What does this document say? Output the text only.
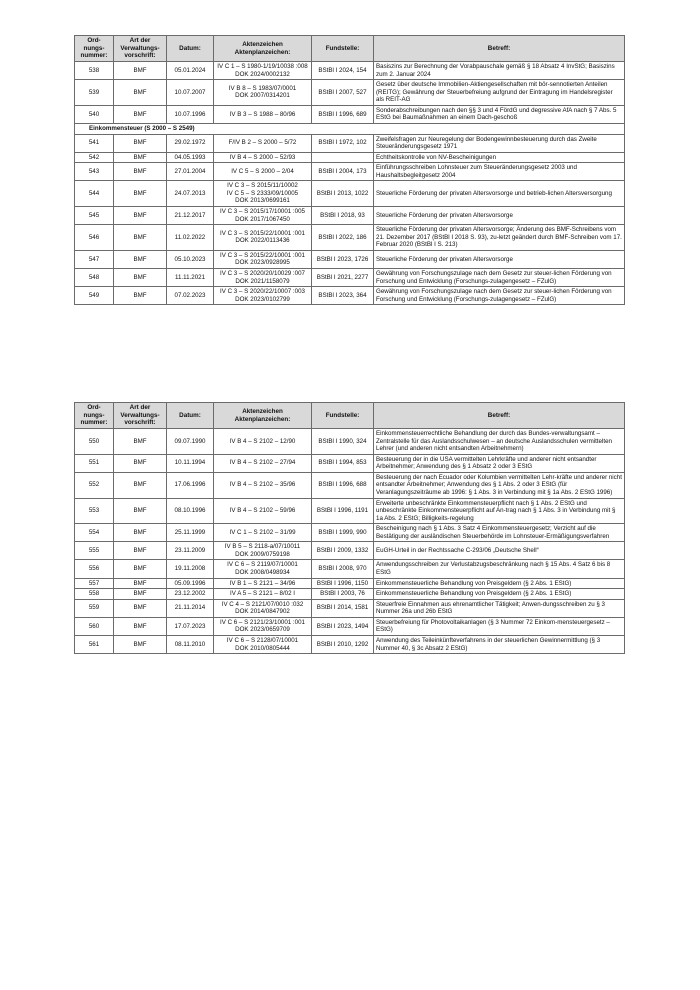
Ord-nungs-nummer:	Art der Verwaltungs-vorschrift:	Datum:	Aktenzeichen Aktenplanzeichen:	Fundstelle:	Betreff:
538	BMF	05.01.2024	IV C 1 – S 1980-1/19/10038 :008
DOK 2024/0002132	BStBl I 2024, 154	Basiszins zur Berechnung der Vorabpauschale gemäß § 18 Absatz 4 InvStG; Basiszins zum 2. Januar 2024
539	BMF	10.07.2007	IV B 8 – S 1983/07/0001
DOK 2007/0314201	BStBl I 2007, 527	Gesetz über deutsche Immobilien-Aktiengesellschaften mit bör-sennotierten Anteilen (REITG); Gewährung der Steuerbefreiung aufgrund der Eintragung im Handelsregister als REIT-AG
540	BMF	10.07.1996	IV B 3 – S 1988 – 80/96	BStBl I 1996, 689	Sonderabschreibungen nach den §§ 3 und 4 FördG und degressive AfA nach § 7 Abs. 5 EStG bei Baumaßnahmen an einem Dach-geschoß
Einkommensteuer (S 2000 – S 2549)					
541	BMF	29.02.1972	F/IV B 2 – S 2000 – 5/72	BStBl I 1972, 102	Zweifelsfragen zur Neuregelung der Bodengewinnbesteuerung durch das Zweite Steueränderungsgesetz 1971
542	BMF	04.05.1993	IV B 4 – S 2000 – 52/93		Echtheitskontrolle von NV-Bescheinigungen
543	BMF	27.01.2004	IV C 5 – S 2000 – 2/04	BStBl I 2004, 173	Einführungsschreiben Lohnsteuer zum Steueränderungsgesetz 2003 und Haushaltsbegleitgesetz 2004
544	BMF	24.07.2013	IV C 3 – S 2015/11/10002
IV C 5 – S 2333/09/10005
DOK 2013/0699161	BStBl I 2013, 1022	Steuerliche Förderung der privaten Altersvorsorge und betrieb-lichen Altersversorgung
545	BMF	21.12.2017	IV C 3 – S 2015/17/10001 :005
DOK 2017/1067450	BStBl I 2018, 93	Steuerliche Förderung der privaten Altersvorsorge
546	BMF	11.02.2022	IV C 3 – S 2015/22/10001 :001
DOK 2022/0113436	BStBl I 2022, 186	Steuerliche Förderung der privaten Altersvorsorge; Änderung des BMF-Schreibens vom 21. Dezember 2017 (BStBl I 2018 S. 93), zu-letzt geändert durch BMF-Schreiben vom 17. Februar 2020 (BStBl I S. 213)
547	BMF	05.10.2023	IV C 3 – S 2015/22/10001 :001
DOK 2023/0928995	BStBl I 2023, 1726	Steuerliche Förderung der privaten Altersvorsorge
548	BMF	11.11.2021	IV C 3 – S 2020/20/10029 :007
DOK 2021/1158079	BStBl I 2021, 2277	Gewährung von Forschungszulage nach dem Gesetz zur steuer-lichen Förderung von Forschung und Entwicklung (Forschungs-zulagengesetz – FZulG)
549	BMF	07.02.2023	IV C 3 – S 2020/22/10007 :003
DOK 2023/0102799	BStBl I 2023, 364	Gewährung von Forschungszulage nach dem Gesetz zur steuer-lichen Förderung von Forschung und Entwicklung (Forschungs-zulagengesetz – FZulG)
Ord-nungs-nummer:	Art der Verwaltungs-vorschrift:	Datum:	Aktenzeichen Aktenplanzeichen:	Fundstelle:	Betreff:
550	BMF	09.07.1990	IV B 4 – S 2102 – 12/90	BStBl I 1990, 324	Einkommensteuerrechtliche Behandlung der durch das Bundes-verwaltungsamt – Zentralstelle für das Auslandsschulwesen – an deutsche Auslandsschulen vermittelten Lehrer (und anderen nicht entsandten Arbeitnehmern)
551	BMF	10.11.1994	IV B 4 – S 2102 – 27/94	BStBl I 1994, 853	Besteuerung der in die USA vermittelten Lehrkräfte und anderer nicht entsandter Arbeitnehmer; Anwendung des § 1 Absatz 2 oder 3 EStG
552	BMF	17.06.1996	IV B 4 – S 2102 – 35/96	BStBl I 1996, 688	Besteuerung der nach Ecuador oder Kolumbien vermittelten Lehr-kräfte und anderer nicht entsandter Arbeitnehmer; Anwendung des § 1 Abs. 2 oder 3 EStG (für Veranlagungszeiträume ab 1996: § 1 Abs. 3 in Verbindung mit § 1a Abs. 2 EStG 1996)
553	BMF	08.10.1996	IV B 4 – S 2102 – 59/96	BStBl I 1996, 1191	Erweiterte unbeschränkte Einkommensteuerpflicht nach § 1 Abs. 2 EStG und unbeschränkte Einkommensteuerpflicht auf An-trag nach § 1 Abs. 3 in Verbindung mit § 1a Abs. 2 EStG; Billigkeits-regelung
554	BMF	25.11.1999	IV C 1 – S 2102 – 31/99	BStBl I 1999, 990	Bescheinigung nach § 1 Abs. 3 Satz 4 Einkommensteuergesetz; Verzicht auf die Bestätigung der ausländischen Steuerbehörde im Lohnsteuer-Ermäßigungsverfahren
555	BMF	23.11.2009	IV B 5 – S 2118-a/07/10011
DOK 2009/0759198	BStBl I 2009, 1332	EuGH-Urteil in der Rechtssache C-293/06 „Deutsche Shell“
556	BMF	19.11.2008	IV C 6 – S 2119/07/10001
DOK 2008/0498934	BStBl I 2008, 970	Anwendungsschreiben zur Verlustabzugsbeschränkung nach § 15 Abs. 4 Satz 6 bis 8 EStG
557	BMF	05.09.1996	IV B 1 – S 2121 – 34/96	BStBl I 1996, 1150	Einkommensteuerliche Behandlung von Preisgeldern (§ 2 Abs. 1 EStG)
558	BMF	23.12.2002	IV A 5 – S 2121 – 8/02 I	BStBl I 2003, 76	Einkommensteuerliche Behandlung von Preisgeldern (§ 2 Abs. 1 EStG)
559	BMF	21.11.2014	IV C 4 – S 2121/07/0010 :032
DOK 2014/0847902	BStBl I 2014, 1581	Steuerfreie Einnahmen aus ehrenamtlicher Tätigkeit; Anwen-dungsschreiben zu § 3 Nummer 26a und 26b EStG
560	BMF	17.07.2023	IV C 6 – S 2121/23/10001 :001
DOK 2023/0659709	BStBl I 2023, 1494	Steuerbefreiung für Photovoltaikanlagen (§ 3 Nummer 72 Einkom-mensteuergesetz – EStG)
561	BMF	08.11.2010	IV C 6 – S 2128/07/10001
DOK 2010/0805444	BStBl I 2010, 1292	Anwendung des Teileinkünfteverfahrens in der steuerlichen Gewinnermittlung (§ 3 Nummer 40, § 3c Absatz 2 EStG)
